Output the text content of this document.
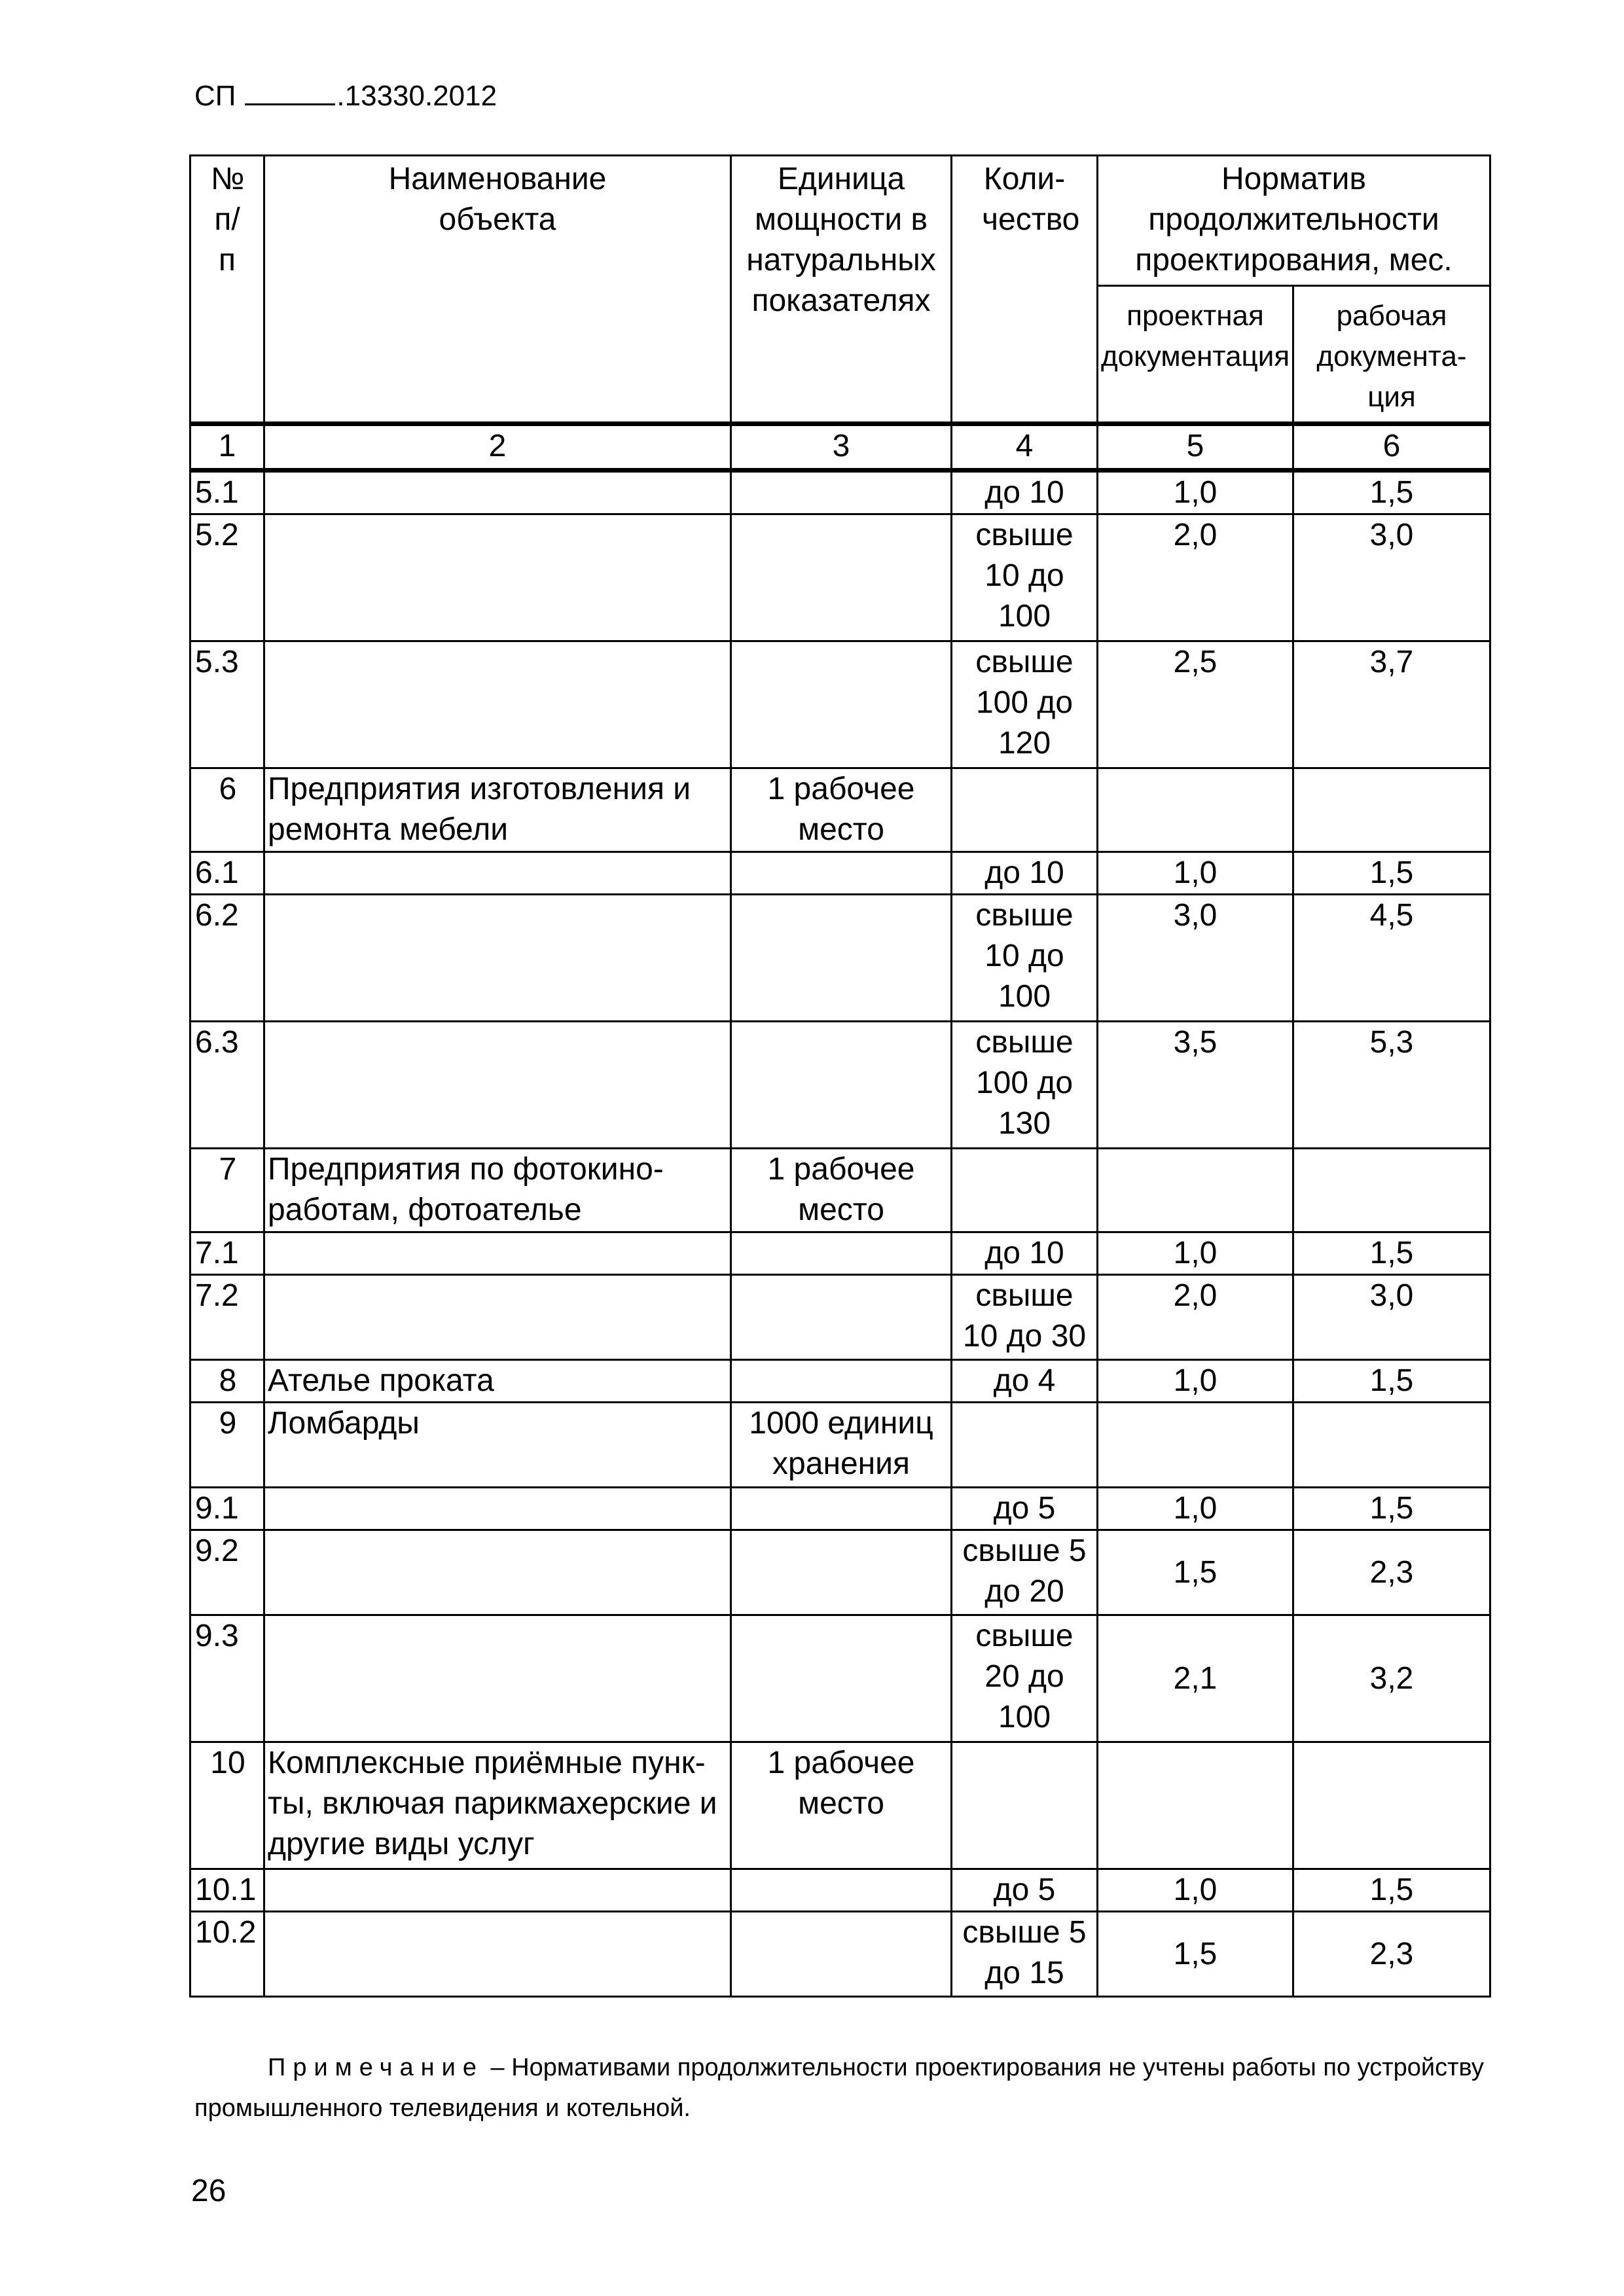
СП	.13330.2012
№ п/п	Наименование объекта	Единица мощности в натуральных показателях	Коли- чество	Норматив продолжительности проектирования, мес.	

				проектная документация	рабочая документа- ция

1	2	3	4	5	6
5.1			до 10	1,0	1,5
5.2			свыше 10 до 100	2,0	3,0
5.3			свыше 100 до 120	2,5	3,7
6	Предприятия изготовления и ремонта мебели	1 рабочее место	

6.1			до 10	1,0	1,5
6.2			свыше 10 до 100	3,0	4,5
6.3			свыше 100 до 130	3,5	5,3
7	Предприятия по фотокино-работам, фотоателье	1 рабочее место	

7.1			до 10	1,0	1,5
7.2			свыше 10 до 30	2,0	3,0
8	Ателье проката		до 4	1,0	1,5
9	Ломбарды	1000 единиц хранения	

9.1			до 5	1,0	1,5
9.2			свыше 5 до 20	1,5	2,3
9.3			свыше 20 до 100	2,1	3,2
10	Комплексные приёмные пунк-ты, включая парикмахерские и другие виды услуг	1 рабочее место	

10.1			до 5	1,0	1,5
10.2			свыше 5 до 15	1,5	2,3
Примечание – Нормативами продолжительности проектирования не учтены работы по устройству промышленного телевидения и котельной.
26
